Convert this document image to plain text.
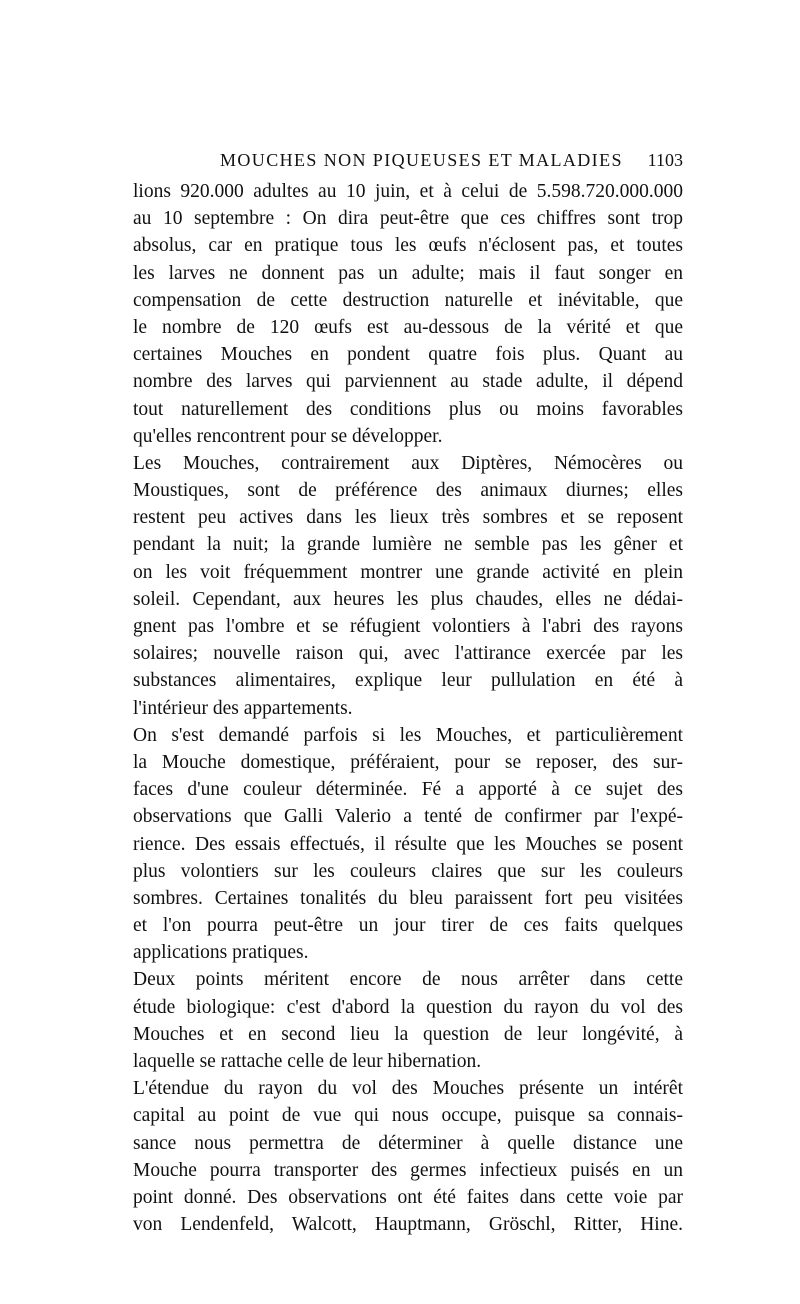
MOUCHES NON PIQUEUSES ET MALADIES 1103

lions 920.000 adultes au 10 juin, et à celui de 5.598.720.000.000
au 10 septembre : On dira peut-être que ces chiffres sont trop
absolus, car en pratique tous les œufs n'éclosent pas, et toutes
les larves ne donnent pas un adulte; mais il faut songer en
compensation de cette destruction naturelle et inévitable, que
le nombre de 120 œufs est au-dessous de la vérité et que
certaines Mouches en pondent quatre fois plus. Quant au
nombre des larves qui parviennent au stade adulte, il dépend
tout naturellement des conditions plus ou moins favorables
qu'elles rencontrent pour se développer.

Les Mouches, contrairement aux Diptères, Némocères ou
Moustiques, sont de préférence des animaux diurnes; elles
restent peu actives dans les lieux très sombres et se reposent
pendant la nuit; la grande lumière ne semble pas les gêner et
on les voit fréquemment montrer une grande activité en plein
soleil. Cependant, aux heures les plus chaudes, elles ne dédai-
gnent pas l'ombre et se réfugient volontiers à l'abri des rayons
solaires; nouvelle raison qui, avec l'attirance exercée par les
substances alimentaires, explique leur pullulation en été à
l'intérieur des appartements.

On s'est demandé parfois si les Mouches, et particulièrement
la Mouche domestique, préféraient, pour se reposer, des sur-
faces d'une couleur déterminée. Fé a apporté à ce sujet des
observations que Galli Valerio a tenté de confirmer par l'expé-
rience. Des essais effectués, il résulte que les Mouches se posent
plus volontiers sur les couleurs claires que sur les couleurs
sombres. Certaines tonalités du bleu paraissent fort peu visitées
et l'on pourra peut-être un jour tirer de ces faits quelques
applications pratiques.

Deux points méritent encore de nous arrêter dans cette
étude biologique: c'est d'abord la question du rayon du vol des
Mouches et en second lieu la question de leur longévité, à
laquelle se rattache celle de leur hibernation.

L'étendue du rayon du vol des Mouches présente un intérêt
capital au point de vue qui nous occupe, puisque sa connais-
sance nous permettra de déterminer à quelle distance une
Mouche pourra transporter des germes infectieux puisés en un
point donné. Des observations ont été faites dans cette voie par
von Lendenfeld, Walcott, Hauptmann, Gröschl, Ritter, Hine.
